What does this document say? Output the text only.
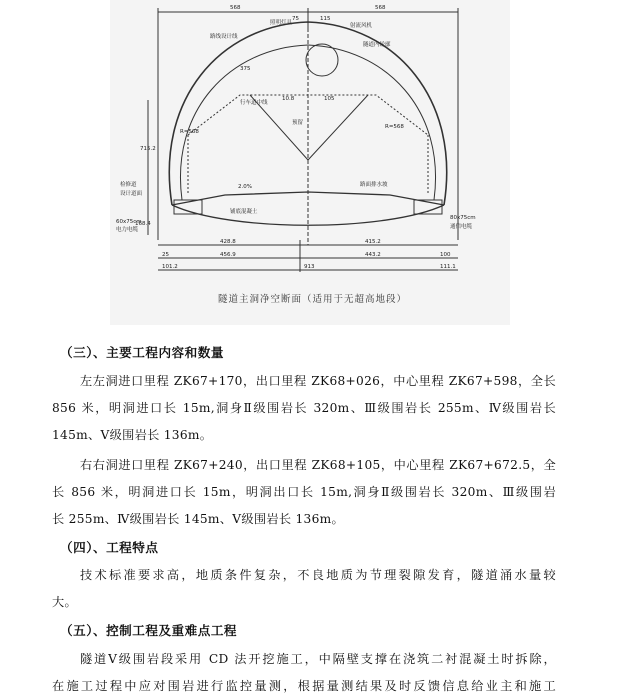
568	568
路线设计线
照明灯具	射流风机
隧道内轮廓
行车道中线
预留
检修道
设计道面
2.0%	路面排水坡
铺底混凝土
60x75cm
电力电缆
80x75cm
通信电缆
375
75	115
715.2
428.8	415.2
456.9	443.2
913
25	100
111.1
101.2
168.4
R=568
R=568
10.8	105
隧道主洞净空断面（适用于无超高地段）
（三）、主要工程内容和数量
左左洞进口里程 ZK67+170，出口里程 ZK68+026，中心里程 ZK67+598，全长
856 米，明洞进口长 15m,洞身Ⅱ级围岩长 320m、Ⅲ级围岩长 255m、Ⅳ级围岩长
145m、Ⅴ级围岩长 136m。
右右洞进口里程 ZK67+240，出口里程 ZK68+105，中心里程 ZK67+672.5，全
长 856 米，明洞进口长 15m，明洞出口长 15m,洞身Ⅱ级围岩长 320m、Ⅲ级围岩
长 255m、Ⅳ级围岩长 145m、Ⅴ级围岩长 136m。
（四）、工程特点
技术标准要求高，地质条件复杂，不良地质为节理裂隙发育，隧道涌水量较
大。
（五）、控制工程及重难点工程
隧道Ⅴ级围岩段采用 CD 法开挖施工，中隔壁支撑在浇筑二衬混凝土时拆除，
在施工过程中应对围岩进行监控量测，根据量测结果及时反馈信息给业主和施工
